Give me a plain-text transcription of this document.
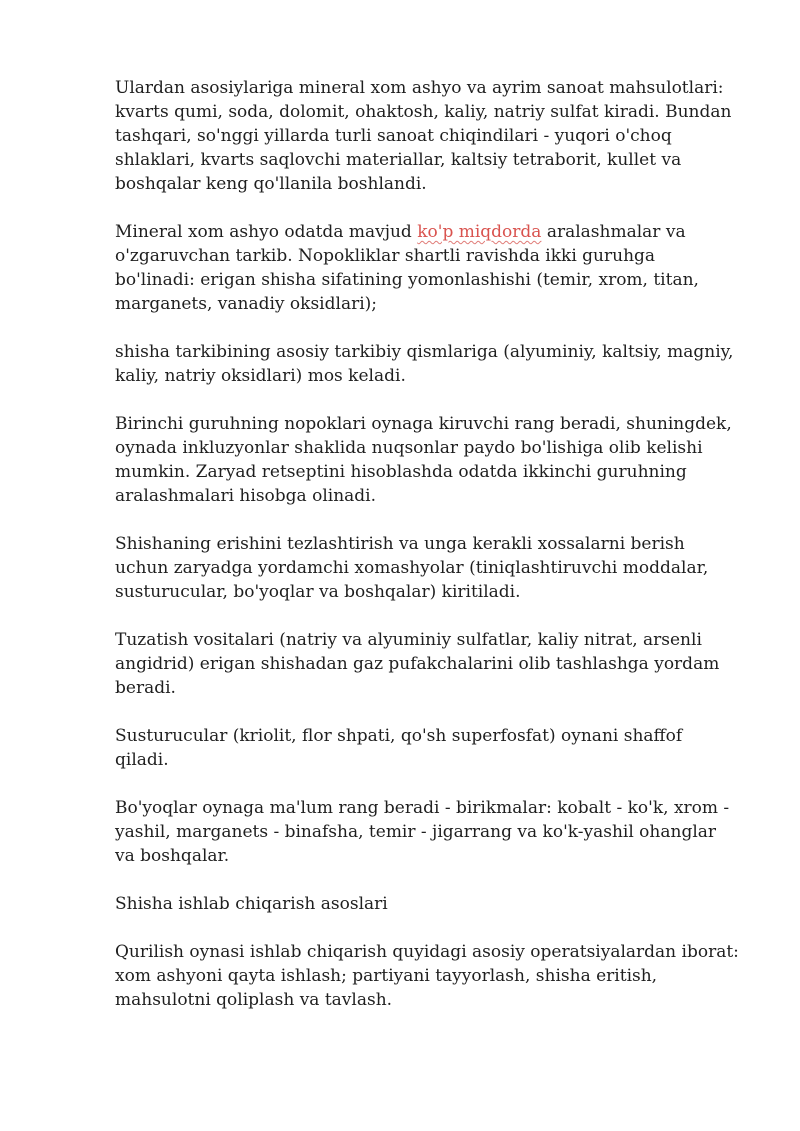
Ulardan asosiylariga mineral xom ashyo va ayrim sanoat mahsulotlari: kvarts qumi, soda, dolomit, ohaktosh, kaliy, natriy sulfat kiradi. Bundan tashqari, so'nggi yillarda turli sanoat chiqindilari - yuqori o'choq shlaklari, kvarts saqlovchi materiallar, kaltsiy tetraborit, kullet va boshqalar keng qo'llanila boshlandi.

Mineral xom ashyo odatda mavjud ko'p miqdorda aralashmalar va o'zgaruvchan tarkib. Nopokliklar shartli ravishda ikki guruhga bo'linadi: erigan shisha sifatining yomonlashishi (temir, xrom, titan, marganets, vanadiy oksidlari);

shisha tarkibining asosiy tarkibiy qismlariga (alyuminiy, kaltsiy, magniy, kaliy, natriy oksidlari) mos keladi.

Birinchi guruhning nopoklari oynaga kiruvchi rang beradi, shuningdek, oynada inkluzyonlar shaklida nuqsonlar paydo bo'lishiga olib kelishi mumkin. Zaryad retseptini hisoblashda odatda ikkinchi guruhning aralashmalari hisobga olinadi.

Shishaning erishini tezlashtirish va unga kerakli xossalarni berish uchun zaryadga yordamchi xomashyolar (tiniqlashtiruvchi moddalar, susturucular, bo'yoqlar va boshqalar) kiritiladi.

Tuzatish vositalari (natriy va alyuminiy sulfatlar, kaliy nitrat, arsenli angidrid) erigan shishadan gaz pufakchalarini olib tashlashga yordam beradi.

Susturucular (kriolit, flor shpati, qo'sh superfosfat) oynani shaffof qiladi.

Bo'yoqlar oynaga ma'lum rang beradi - birikmalar: kobalt - ko'k, xrom - yashil, marganets - binafsha, temir - jigarrang va ko'k-yashil ohanglar va boshqalar.

Shisha ishlab chiqarish asoslari

Qurilish oynasi ishlab chiqarish quyidagi asosiy operatsiyalardan iborat: xom ashyoni qayta ishlash; partiyani tayyorlash, shisha eritish, mahsulotni qoliplash va tavlash.
